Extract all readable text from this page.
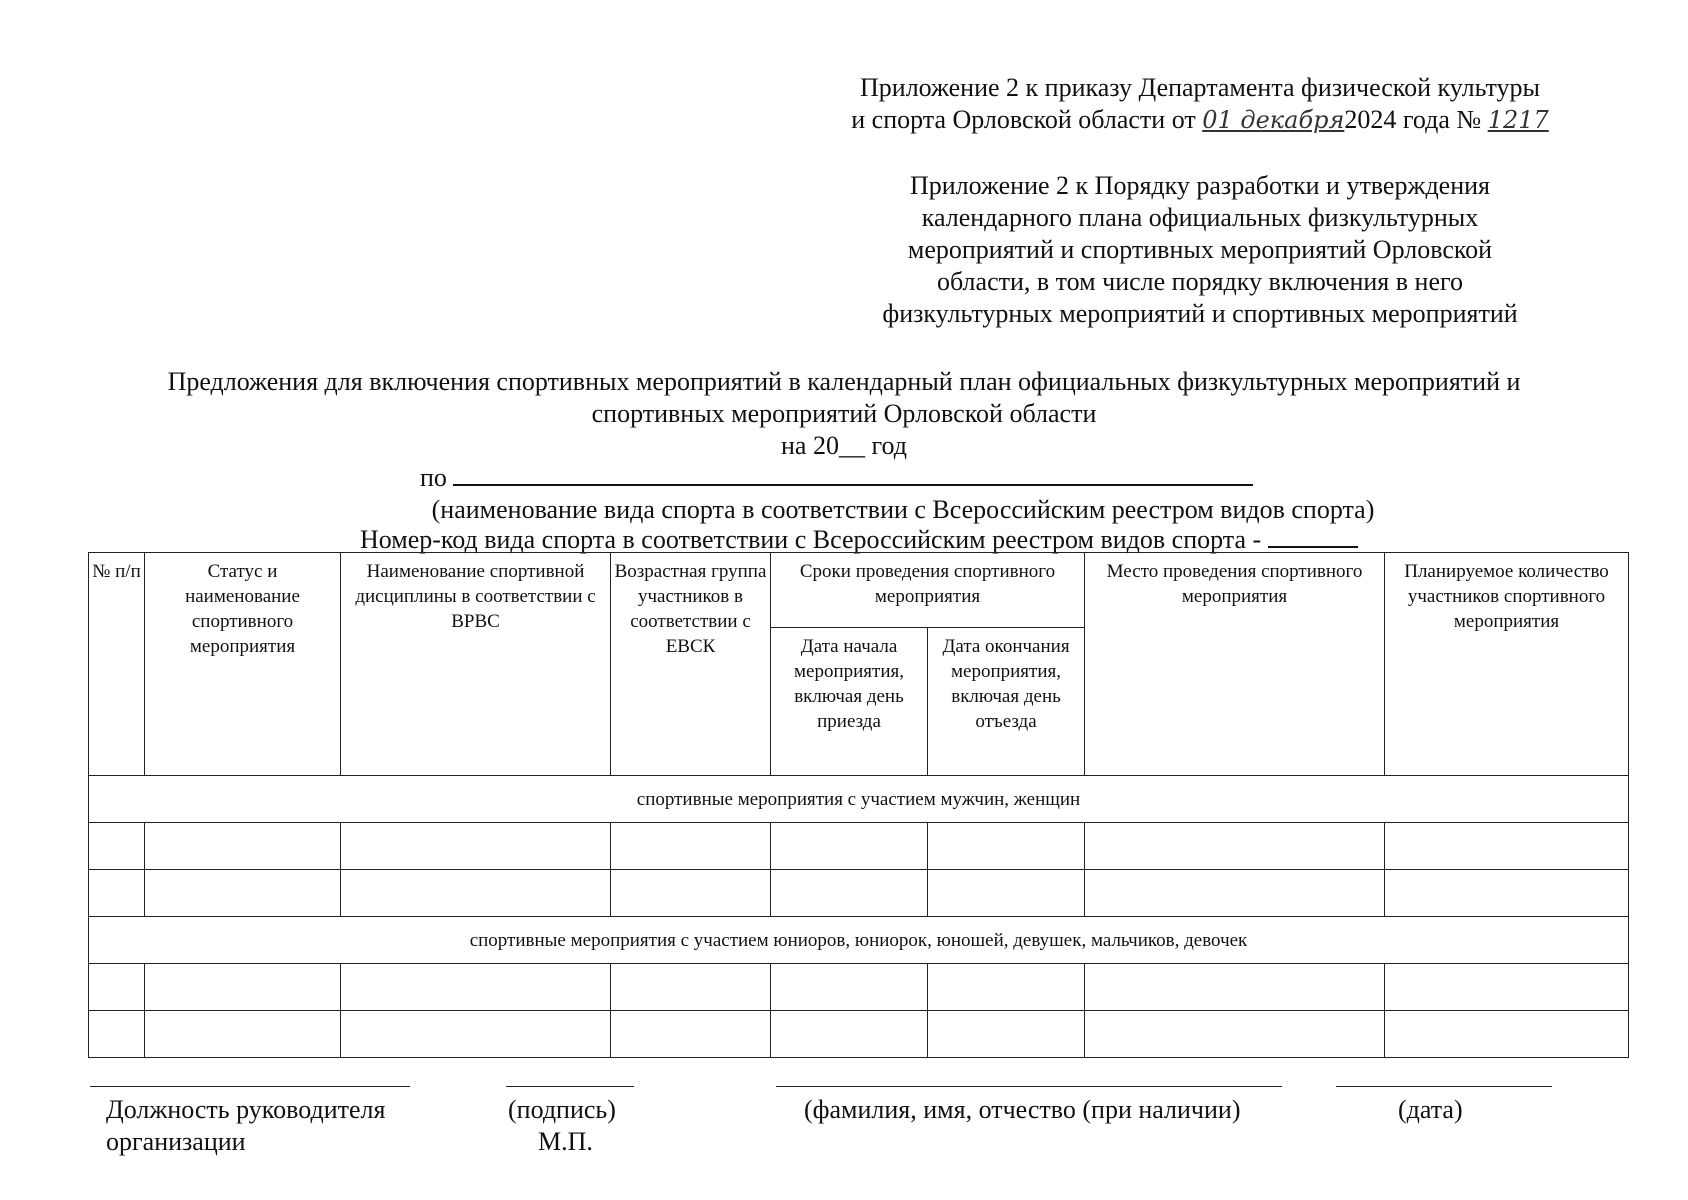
Приложение 2 к приказу Департамента физической культуры
и спорта Орловской области от 01 декабря2024 года № 1217
Приложение 2 к Порядку разработки и утверждения
календарного плана официальных физкультурных
мероприятий и спортивных мероприятий Орловской
области, в том числе порядку включения в него
физкультурных мероприятий и спортивных мероприятий
Предложения для включения спортивных мероприятий в календарный план официальных физкультурных мероприятий и
спортивных мероприятий Орловской области
на 20__ год
по
(наименование вида спорта в соответствии с Всероссийским реестром видов спорта)
Номер-код вида спорта в соответствии с Всероссийским реестром видов спорта -
№ п/п	Статус и наименование спортивного мероприятия	Наименование спортивной дисциплины в соответствии с ВРВС	Возрастная группа участников в соответствии с ЕВСК	Сроки проведения спортивного мероприятия		Место проведения спортивного мероприятия	Планируемое количество участников спортивного мероприятия
				Дата начала мероприятия, включая день приезда	Дата окончания мероприятия, включая день отъезда		
спортивные мероприятия с участием мужчин, женщин							

спортивные мероприятия с участием юниоров, юниорок, юношей, девушек, мальчиков, девочек							

Должность руководителя
организации
(подпись)
М.П.
(фамилия, имя, отчество (при наличии)	(дата)
